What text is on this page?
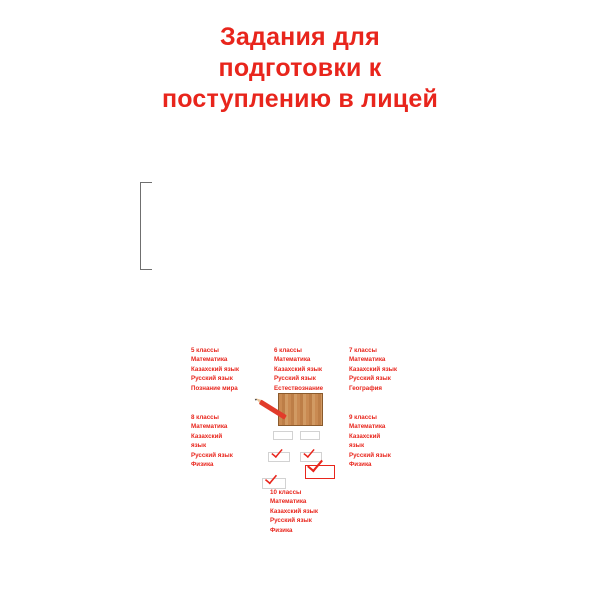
Задания для
подготовки к
поступлению в лицей
5 классы
Математика
Казахский язык
Русский язык
Познание мира
6 классы
Математика
Казахский язык
Русский язык
Естествознание
7 классы
Математика
Казахский язык
Русский язык
География
8 классы
Математика
Казахский
язык
Русский язык
Физика
9 классы
Математика
Казахский
язык
Русский язык
Физика
10 классы
Математика
Казахский язык
Русский язык
Физика
